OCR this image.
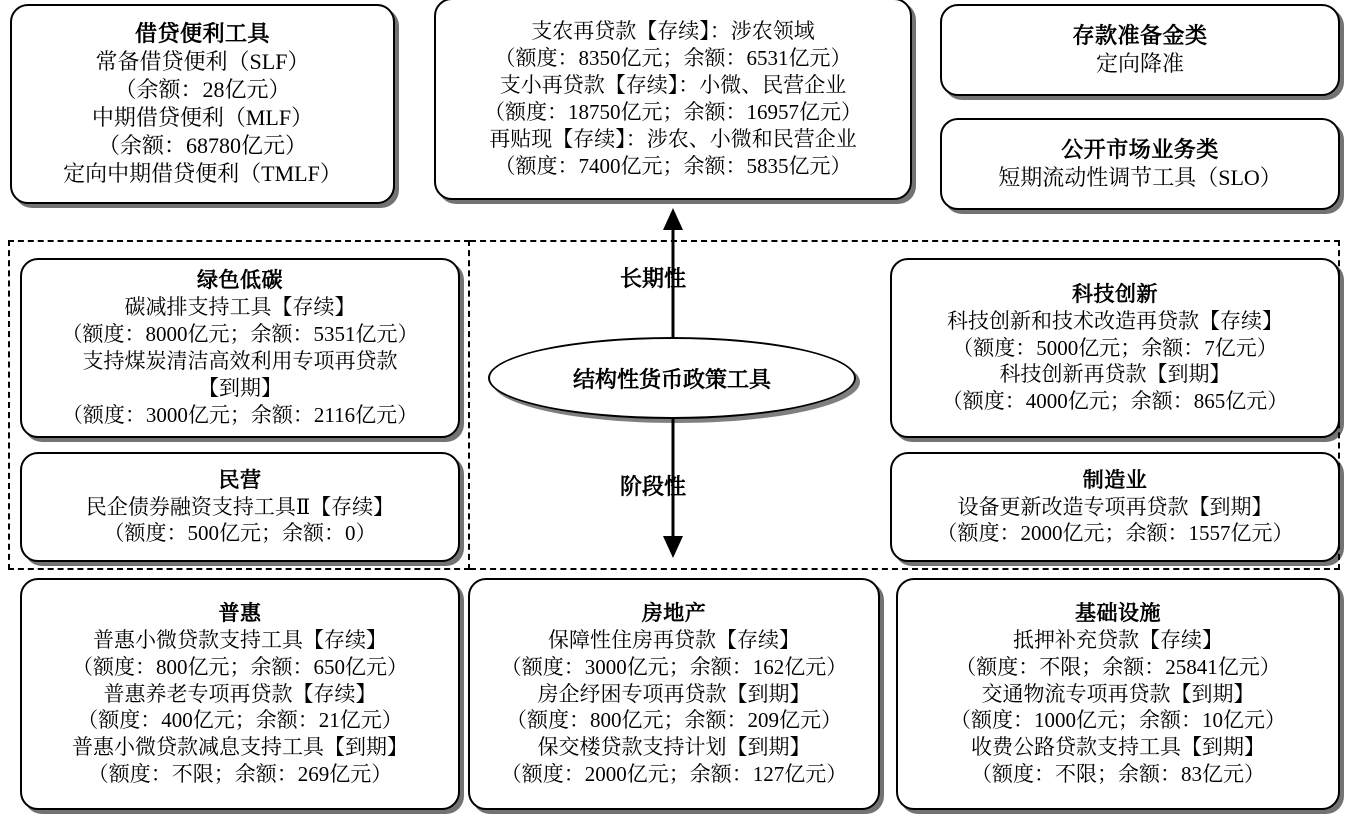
借贷便利工具
常备借贷便利（SLF）
（余额：28亿元）
中期借贷便利（MLF）
（余额：68780亿元）
定向中期借贷便利（TMLF）
支农再贷款【存续】：涉农领域
（额度：8350亿元；余额：6531亿元）
支小再贷款【存续】：小微、民营企业
（额度：18750亿元；余额：16957亿元）
再贴现【存续】：涉农、小微和民营企业
（额度：7400亿元；余额：5835亿元）
存款准备金类
定向降准
公开市场业务类
短期流动性调节工具（SLO）
绿色低碳
碳减排支持工具【存续】
（额度：8000亿元；余额：5351亿元）
支持煤炭清洁高效利用专项再贷款
【到期】
（额度：3000亿元；余额：2116亿元）
科技创新
科技创新和技术改造再贷款【存续】
（额度：5000亿元；余额：7亿元）
科技创新再贷款【到期】
（额度：4000亿元；余额：865亿元）
民营
民企债券融资支持工具Ⅱ【存续】
（额度：500亿元；余额：0）
制造业
设备更新改造专项再贷款【到期】
（额度：2000亿元；余额：1557亿元）
结构性货币政策工具
长期性
阶段性
普惠
普惠小微贷款支持工具【存续】
（额度：800亿元；余额：650亿元）
普惠养老专项再贷款【存续】
（额度：400亿元；余额：21亿元）
普惠小微贷款减息支持工具【到期】
（额度：不限；余额：269亿元）
房地产
保障性住房再贷款【存续】
（额度：3000亿元；余额：162亿元）
房企纾困专项再贷款【到期】
（额度：800亿元；余额：209亿元）
保交楼贷款支持计划【到期】
（额度：2000亿元；余额：127亿元）
基础设施
抵押补充贷款【存续】
（额度：不限；余额：25841亿元）
交通物流专项再贷款【到期】
（额度：1000亿元；余额：10亿元）
收费公路贷款支持工具【到期】
（额度：不限；余额：83亿元）
